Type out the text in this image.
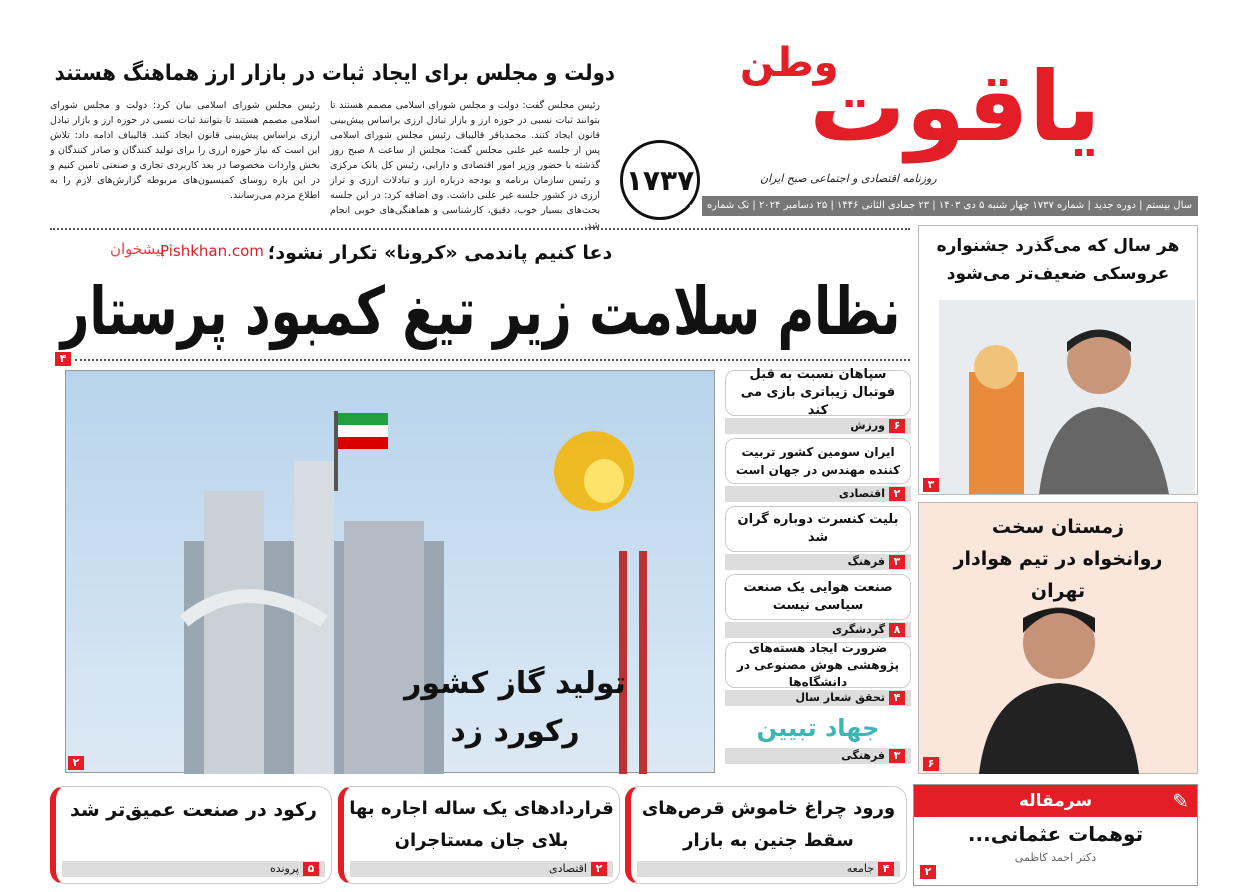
دولت و مجلس برای ایجاد ثبات در بازار ارز هماهنگ هستند
رئیس مجلس گفت: دولت و مجلس شورای اسلامی مصمم هستند تا بتوانند ثبات نسبی در حوزه ارز و بازار تبادل ارزی براساس پیش‌بینی قانون ایجاد کنند. محمدباقر قالیباف رئیس مجلس شورای اسلامی پس از جلسه غیر علنی مجلس گفت: مجلس از ساعت ۸ صبح روز گذشته با حضور وزیر امور اقتصادی و دارایی، رئیس کل بانک مرکزی و رئیس سازمان برنامه و بودجه درباره ارز و تبادلات ارزی و تراز ارزی در کشور جلسه غیر علنی داشت. وی اضافه کرد: در این جلسه بحث‌های بسیار خوب، دقیق، کارشناسی و هماهنگی‌های خوبی انجام شد.
رئیس مجلس شورای اسلامی بیان کرد: دولت و مجلس شورای اسلامی مصمم هستند تا بتوانند ثبات نسبی در حوزه ارز و بازار تبادل ارزی براساس پیش‌بینی قانون ایجاد کنند. قالیباف ادامه داد: تلاش این است که نیاز حوزه ارزی را برای تولید کنندگان و صادر کنندگان و بخش واردات مخصوصا در بعد کاربردی تجاری و صنعتی تامین کنیم و در این باره روسای کمیسیون‌های مربوطه گزارش‌های لازم را به اطلاع مردم می‌رسانند.	۱۷۳۷
وطن
یاقوت
روزنامه اقتصادی و اجتماعی صبح ایران
سال بیستم | دوره جدید | شماره ۱۷۳۷ چهار شنبه ۵ دی ۱۴۰۳ | ۲۳ جمادی الثانی ۱۴۴۶ | ۲۵ دسامبر ۲۰۲۴ | تک شماره ۱۲۰۰۰ تومان
پیشخوان
Pishkhan.com دعا کنیم پاندمی «کرونا» تکرار نشود؛
نظام سلامت زیر تیغ کمبود پرستار
۴
تولید گاز کشور
رکورد زد
۲
سپاهان نسبت به قبل فوتبال زیباتری بازی می کند
۶
ورزش
ایران سومین کشور تربیت کننده مهندس در جهان است
۲
اقتصادی
بلیت کنسرت دوباره گران شد
۳
فرهنگ
صنعت هوایی یک صنعت سیاسی نیست
۸
گردشگری
ضرورت ایجاد هسته‌های پژوهشی هوش مصنوعی در دانشگاه‌ها
۴
تحقق شعار سال
جهاد تبیین
۳
فرهنگی
هر سال که می‌گذرد جشنواره عروسکی ضعیف‌تر می‌شود
۳
زمستان سخت روانخواه در تیم هوادار تهران
۶
رکود در صنعت عمیق‌تر شد
۵
پرونده
قراردادهای یک ساله اجاره بها بلای جان مستاجران
۲
اقتصادی
ورود چراغ خاموش قرص‌های سقط جنین به بازار
۴
جامعه
سرمقاله	✎
توهمات عثمانی...
دکتر احمد کاظمی
۲
